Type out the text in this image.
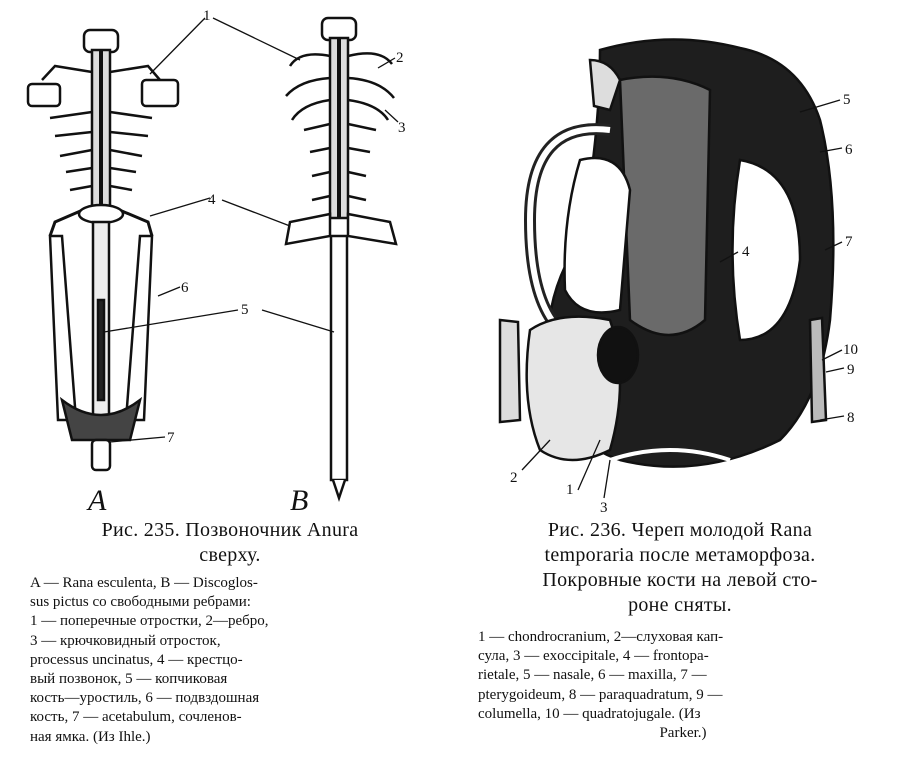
1
2
3
4
5
6
7
A	B	1
2
3
4
5
6
7
8
9
10
Рис. 235. Позвоночник Anura
сверху.
A — Rana esculenta, B — Discoglos-
sus pictus со свободными ребрами:
1 — поперечные отростки, 2—ребро,
3 — крючковидный отросток,
processus uncinatus, 4 — крестцо-
вый позвонок, 5 — копчиковая
кость—уростиль, 6 — подвздошная
кость, 7 — acetabulum, сочленов-
ная ямка. (Из Ihle.)
Рис. 236. Череп молодой Rana
temporaria после метаморфоза.
Покровные кости на левой сто-
роне сняты.
1 — chondrocranium, 2—слуховая кап-
сула, 3 — exoccipitale, 4 — frontopa-
rietale, 5 — nasale, 6 — maxilla, 7 —
pterygoideum, 8 — paraquadratum, 9 —
columella, 10 — quadratojugale. (Из
Parker.)
